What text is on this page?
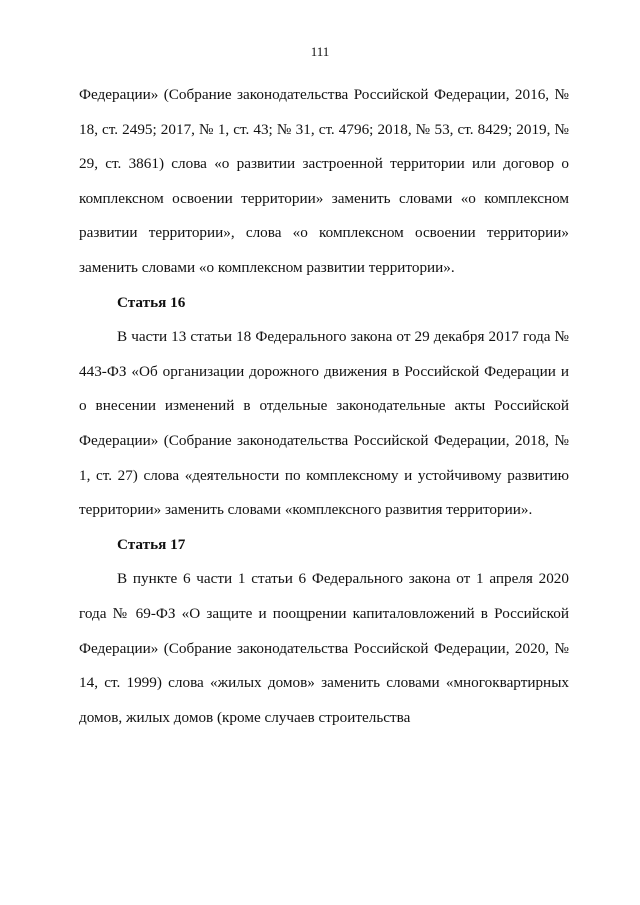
111

Федерации» (Собрание законодательства Российской Федерации, 2016, № 18, ст. 2495; 2017, № 1, ст. 43; № 31, ст. 4796; 2018, № 53, ст. 8429; 2019, № 29, ст. 3861) слова «о развитии застроенной территории или договор о комплексном освоении территории» заменить словами «о комплексном развитии территории», слова «о комплексном освоении территории» заменить словами «о комплексном развитии территории».

Статья 16

В части 13 статьи 18 Федерального закона от 29 декабря 2017 года № 443-ФЗ «Об организации дорожного движения в Российской Федерации и о внесении изменений в отдельные законодательные акты Российской Федерации» (Собрание законодательства Российской Федерации, 2018, № 1, ст. 27) слова «деятельности по комплексному и устойчивому развитию территории» заменить словами «комплексного развития территории».

Статья 17

В пункте 6 части 1 статьи 6 Федерального закона от 1 апреля 2020 года № 69-ФЗ «О защите и поощрении капиталовложений в Российской Федерации» (Собрание законодательства Российской Федерации, 2020, № 14, ст. 1999) слова «жилых домов» заменить словами «многоквартирных домов, жилых домов (кроме случаев строительства
